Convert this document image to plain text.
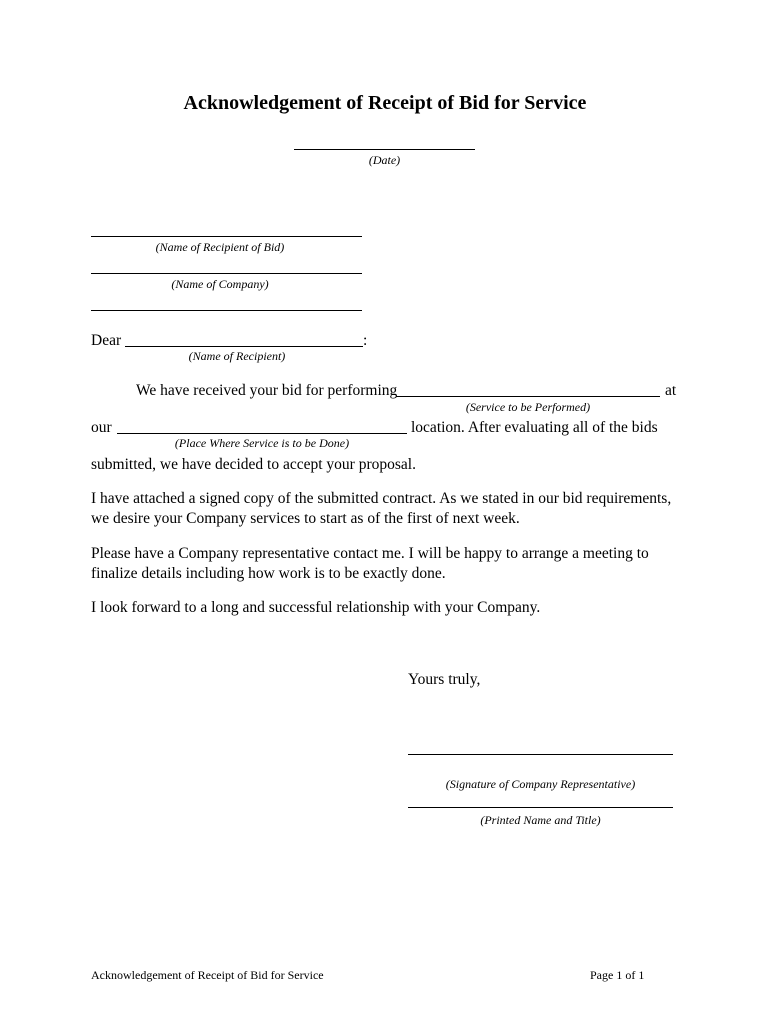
Acknowledgement of Receipt of Bid for Service
(Date)
(Name of Recipient of Bid)
(Name of Company)
Dear	:
(Name of Recipient)
We have received your bid for performing	at
(Service to be Performed)
our	location. After evaluating all of the bids
(Place Where Service is to be Done)
submitted, we have decided to accept your proposal.
I have attached a signed copy of the submitted contract. As we stated in our bid requirements, we desire your Company services to start as of the first of next week.
Please have a Company representative contact me. I will be happy to arrange a meeting to finalize details including how work is to be exactly done.
I look forward to a long and successful relationship with your Company.
Yours truly,
(Signature of Company Representative)
(Printed Name and Title)
Acknowledgement of Receipt of Bid for Service	Page 1 of 1
